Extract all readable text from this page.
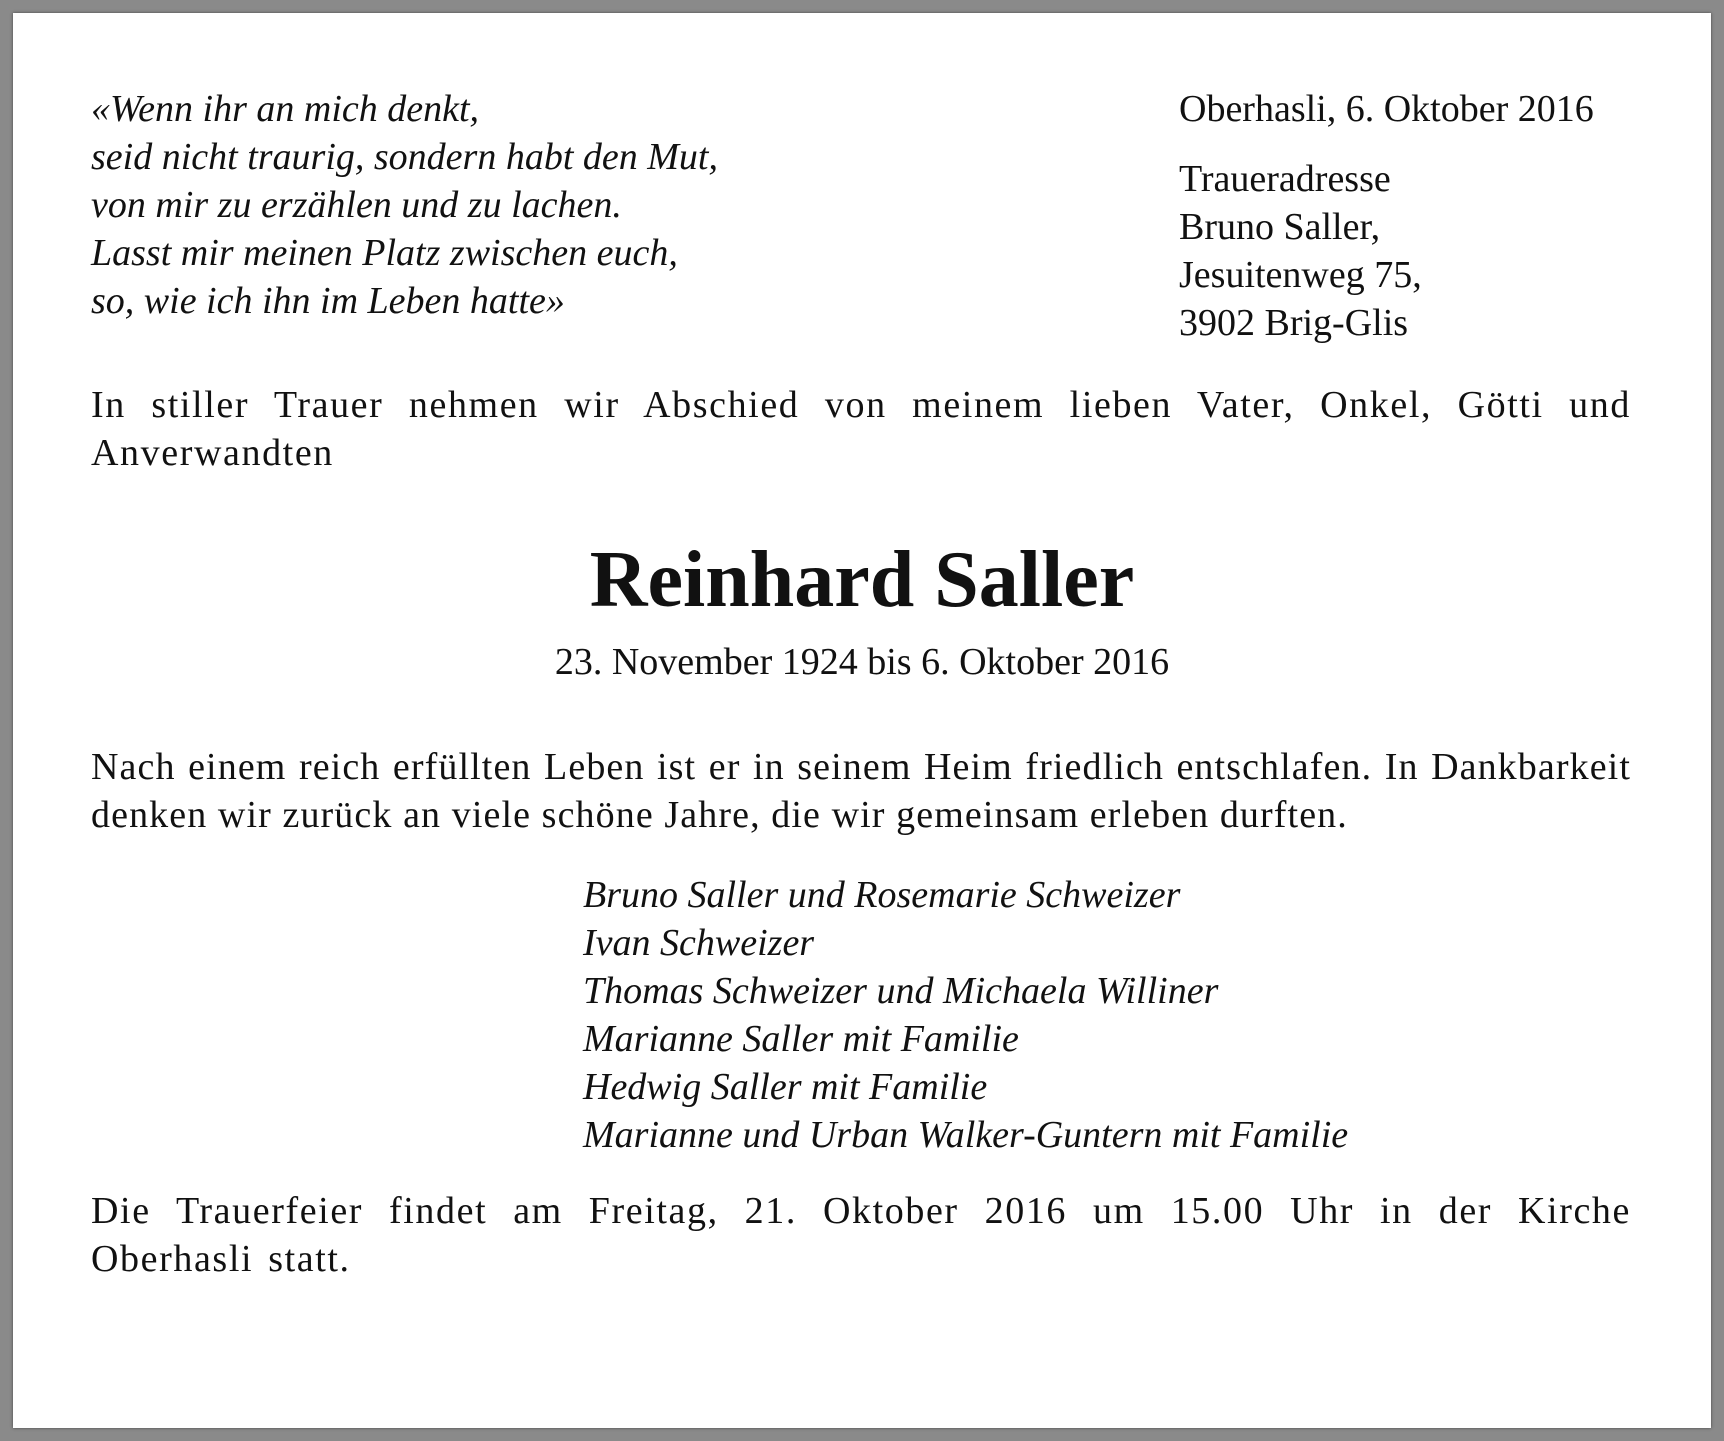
«Wenn ihr an mich denkt,
seid nicht traurig, sondern habt den Mut,
von mir zu erzählen und zu lachen.
Lasst mir meinen Platz zwischen euch,
so, wie ich ihn im Leben hatte»
Oberhasli, 6. Oktober 2016
Traueradresse
Bruno Saller,
Jesuitenweg 75,
3902 Brig-Glis
In stiller Trauer nehmen wir Abschied von meinem lieben Vater, Onkel, Götti und Anverwandten
Reinhard Saller
23. November 1924 bis 6. Oktober 2016
Nach einem reich erfüllten Leben ist er in seinem Heim friedlich entschlafen. In Dankbarkeit denken wir zurück an viele schöne Jahre, die wir gemeinsam erleben durften.
Bruno Saller und Rosemarie Schweizer
Ivan Schweizer
Thomas Schweizer und Michaela Williner
Marianne Saller mit Familie
Hedwig Saller mit Familie
Marianne und Urban Walker-Guntern mit Familie
Die Trauerfeier findet am Freitag, 21. Oktober 2016 um 15.00 Uhr in der Kirche Oberhasli statt.
